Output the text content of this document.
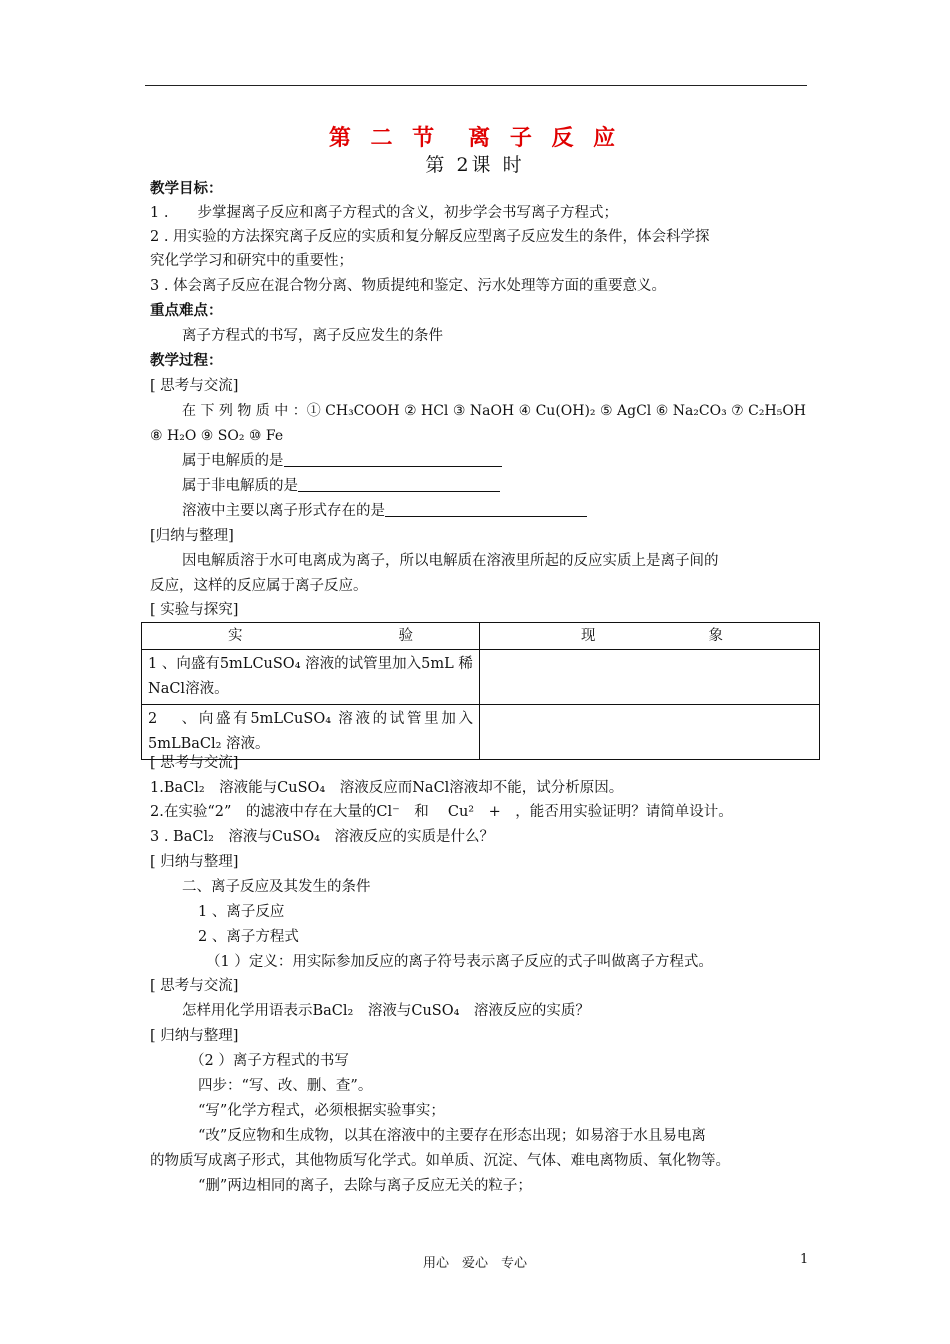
第 二 节　离 子 反 应
第 2课 时
教学目标：
1 .　　步掌握离子反应和离子方程式的含义，初步学会书写离子方程式；
2 . 用实验的方法探究离子反应的实质和复分解反应型离子反应发生的条件，体会科学探
究化学学习和研究中的重要性；
3 . 体会离子反应在混合物分离、物质提纯和鉴定、污水处理等方面的重要意义。
重点难点：
离子方程式的书写，离子反应发生的条件
教学过程：
[ 思考与交流]
在 下 列 物 质 中 ：① CH₃COOH ② HCl ③ NaOH ④ Cu(OH)₂ ⑤ AgCl ⑥ Na₂CO₃ ⑦ C₂H₅OH
⑧ H₂O ⑨ SO₂ ⑩ Fe
属于电解质的是
属于非电解质的是
溶液中主要以离子形式存在的是
[归纳与整理]
因电解质溶于水可电离成为离子，所以电解质在溶液里所起的反应实质上是离子间的
反应，这样的反应属于离子反应。
[ 实验与探究]
实 验	现 象

1 、向盛有5mLCuSO₄ 溶液的试管里加入5mL 稀NaCl溶液。	
2 　、向盛有5mLCuSO₄ 溶液的试管里加入 5mLBaCl₂ 溶液。	
[ 思考与交流]
1.BaCl₂　溶液能与CuSO₄　溶液反应而NaCl溶液却不能，试分析原因。
2.在实验“2”　的滤液中存在大量的Cl⁻　和　 Cu²　+　，能否用实验证明？请简单设计。
3 . BaCl₂　溶液与CuSO₄　溶液反应的实质是什么？
[ 归纳与整理]
二、离子反应及其发生的条件
1 、离子反应
2 、离子方程式
（1 ）定义：用实际参加反应的离子符号表示离子反应的式子叫做离子方程式。
[ 思考与交流]
怎样用化学用语表示BaCl₂　溶液与CuSO₄　溶液反应的实质？
[ 归纳与整理]
（2 ）离子方程式的书写
四步：“写、改、删、查”。
“写”化学方程式，必须根据实验事实；
“改”反应物和生成物，以其在溶液中的主要存在形态出现；如易溶于水且易电离
的物质写成离子形式，其他物质写化学式。如单质、沉淀、气体、难电离物质、氧化物等。
“删”两边相同的离子，去除与离子反应无关的粒子；
用心　爱心　专心	1
